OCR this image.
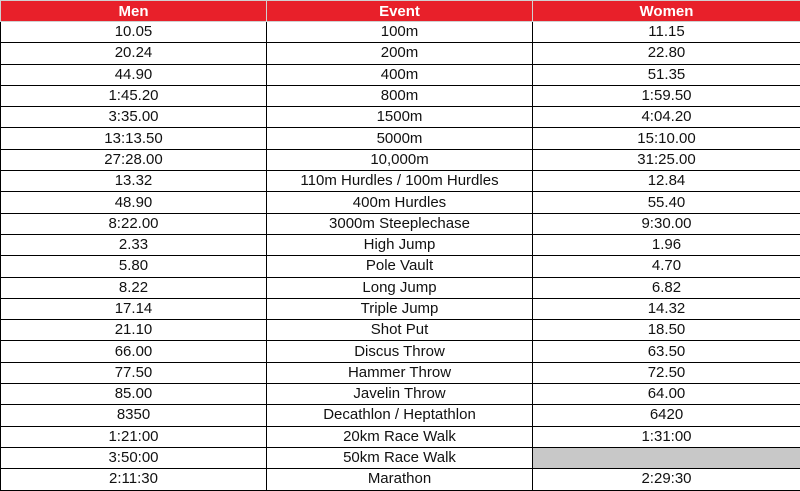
Men	Event	Women
10.05	100m	11.15
20.24	200m	22.80
44.90	400m	51.35
1:45.20	800m	1:59.50
3:35.00	1500m	4:04.20
13:13.50	5000m	15:10.00
27:28.00	10,000m	31:25.00
13.32	110m Hurdles / 100m Hurdles	12.84
48.90	400m Hurdles	55.40
8:22.00	3000m Steeplechase	9:30.00
2.33	High Jump	1.96
5.80	Pole Vault	4.70
8.22	Long Jump	6.82
17.14	Triple Jump	14.32
21.10	Shot Put	18.50
66.00	Discus Throw	63.50
77.50	Hammer Throw	72.50
85.00	Javelin Throw	64.00
8350	Decathlon / Heptathlon	6420
1:21:00	20km Race Walk	1:31:00
3:50:00	50km Race Walk	
2:11:30	Marathon	2:29:30
